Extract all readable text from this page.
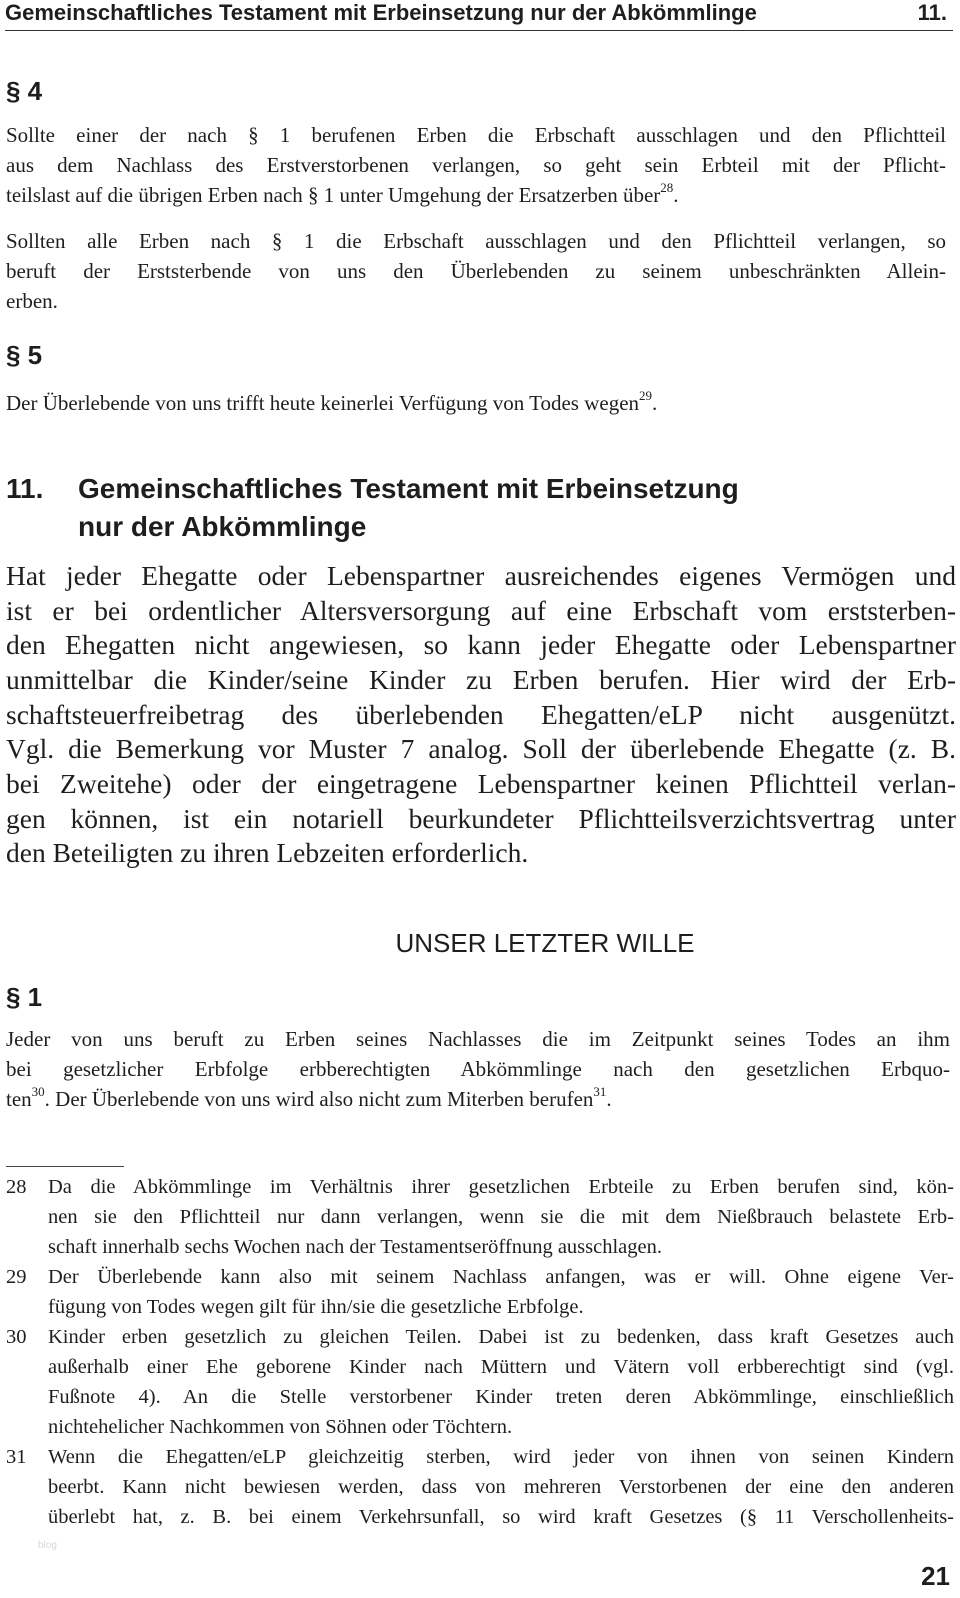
Gemeinschaftliches Testament mit Erbeinsetzung nur der Abkömmlinge	11.
§ 4
Sollte einer der nach § 1 berufenen Erben die Erbschaft ausschlagen und den Pflichtteil
aus dem Nachlass des Erstverstorbenen verlangen, so geht sein Erbteil mit der Pflicht-
teilslast auf die übrigen Erben nach § 1 unter Umgehung der Ersatzerben über$^{28}$.
Sollten alle Erben nach § 1 die Erbschaft ausschlagen und den Pflichtteil verlangen, so
beruft der Erststerbende von uns den Überlebenden zu seinem unbeschränkten Allein-
erben.
§ 5
Der Überlebende von uns trifft heute keinerlei Verfügung von Todes wegen$^{29}$.
11. Gemeinschaftliches Testament mit Erbeinsetzung
nur der Abkömmlinge
Hat jeder Ehegatte oder Lebenspartner ausreichendes eigenes Vermögen und
ist er bei ordentlicher Altersversorgung auf eine Erbschaft vom erststerben-
den Ehegatten nicht angewiesen, so kann jeder Ehegatte oder Lebenspartner
unmittelbar die Kinder/seine Kinder zu Erben berufen. Hier wird der Erb-
schaftsteuerfreibetrag des überlebenden Ehegatten/eLP nicht ausgenützt.
Vgl. die Bemerkung vor Muster 7 analog. Soll der überlebende Ehegatte (z. B.
bei Zweitehe) oder der eingetragene Lebenspartner keinen Pflichtteil verlan-
gen können, ist ein notariell beurkundeter Pflichtteilsverzichtsvertrag unter
den Beteiligten zu ihren Lebzeiten erforderlich.
UNSER LETZTER WILLE
§ 1
Jeder von uns beruft zu Erben seines Nachlasses die im Zeitpunkt seines Todes an ihm
bei gesetzlicher Erbfolge erbberechtigten Abkömmlinge nach den gesetzlichen Erbquo-
ten$^{30}$. Der Überlebende von uns wird also nicht zum Miterben berufen$^{31}$.
28 Da die Abkömmlinge im Verhältnis ihrer gesetzlichen Erbteile zu Erben berufen sind, kön-
nen sie den Pflichtteil nur dann verlangen, wenn sie die mit dem Nießbrauch belastete Erb-
schaft innerhalb sechs Wochen nach der Testamentseröffnung ausschlagen.
29 Der Überlebende kann also mit seinem Nachlass anfangen, was er will. Ohne eigene Ver-
fügung von Todes wegen gilt für ihn/sie die gesetzliche Erbfolge.
30 Kinder erben gesetzlich zu gleichen Teilen. Dabei ist zu bedenken, dass kraft Gesetzes auch
außerhalb einer Ehe geborene Kinder nach Müttern und Vätern voll erbberechtigt sind (vgl.
Fußnote 4). An die Stelle verstorbener Kinder treten deren Abkömmlinge, einschließlich
nichtehelicher Nachkommen von Söhnen oder Töchtern.
31 Wenn die Ehegatten/eLP gleichzeitig sterben, wird jeder von ihnen von seinen Kindern
beerbt. Kann nicht bewiesen werden, dass von mehreren Verstorbenen der eine den anderen
überlebt hat, z. B. bei einem Verkehrsunfall, so wird kraft Gesetzes (§ 11 Verschollenheits-
blog
21
